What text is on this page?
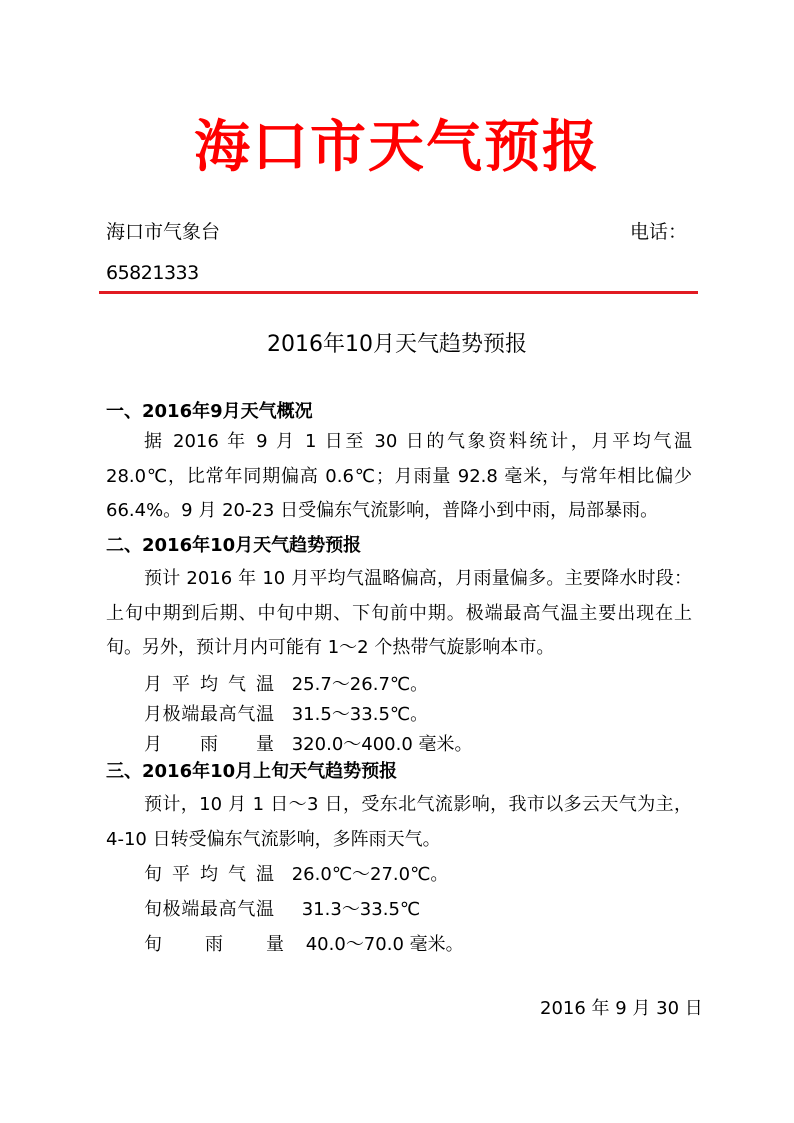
海口市天气预报
海口市气象台	电话：
65821333
2016年10月天气趋势预报
一、2016年9月天气概况
据 2016 年 9 月 1 日至 30 日的气象资料统计，月平均气温 28.0℃，比常年同期偏高 0.6℃；月雨量 92.8 毫米，与常年相比偏少 66.4%。9 月 20-23 日受偏东气流影响，普降小到中雨，局部暴雨。
二、2016年10月天气趋势预报
预计 2016 年 10 月平均气温略偏高，月雨量偏多。主要降水时段：上旬中期到后期、中旬中期、下旬前中期。极端最高气温主要出现在上旬。另外，预计月内可能有 1～2 个热带气旋影响本市。
月平均气温 25.7～26.7℃。
月极端最高气温 31.5～33.5℃。
月雨量 320.0～400.0 毫米。
三、2016年10月上旬天气趋势预报
预计，10 月 1 日～3 日，受东北气流影响，我市以多云天气为主，4-10 日转受偏东气流影响，多阵雨天气。
旬平均气温 26.0℃～27.0℃。
旬极端最高气温 31.3～33.5℃
旬雨量 40.0～70.0 毫米。
2016 年 9 月 30 日
